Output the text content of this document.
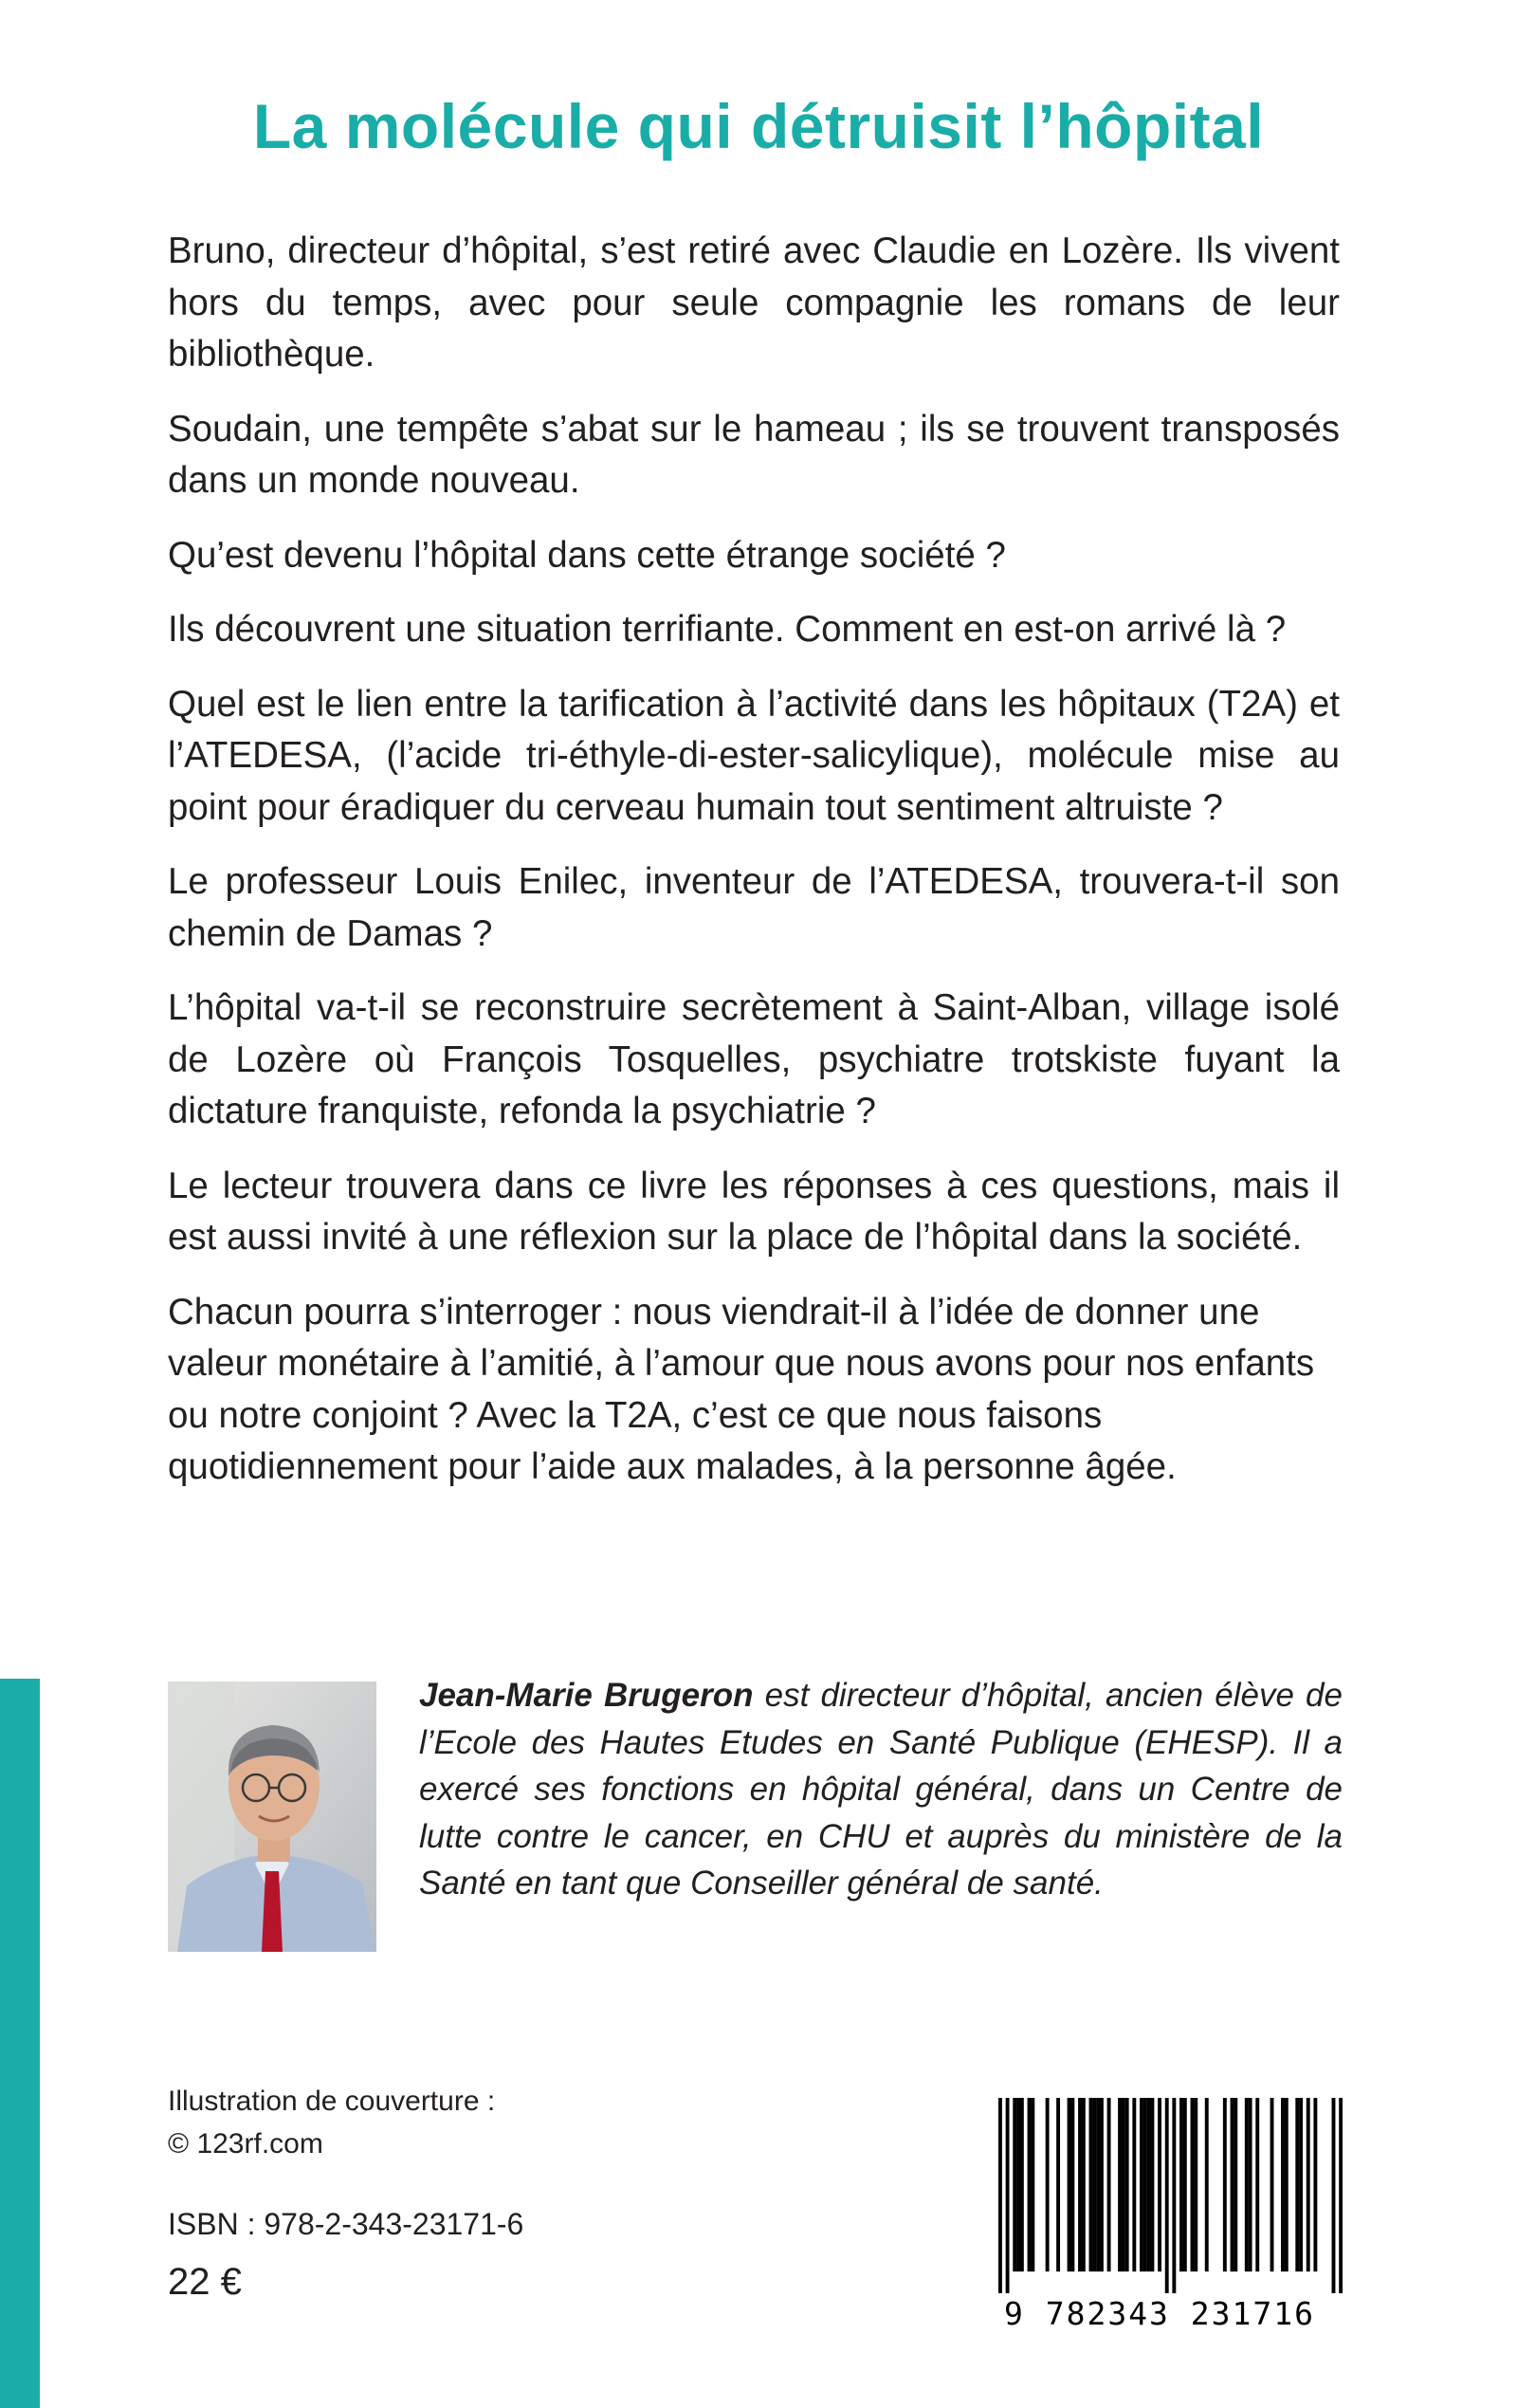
La molécule qui détruisit l’hôpital

Bruno, directeur d’hôpital, s’est retiré avec Claudie en Lozère. Ils vivent hors du temps, avec pour seule compagnie les romans de leur bibliothèque.

Soudain, une tempête s’abat sur le hameau ; ils se trouvent transposés dans un monde nouveau.

Qu’est devenu l’hôpital dans cette étrange société ?

Ils découvrent une situation terrifiante. Comment en est-on arrivé là ?

Quel est le lien entre la tarification à l’activité dans les hôpitaux (T2A) et l’ATEDESA, (l’acide tri-éthyle-di-ester-salicylique), molécule mise au point pour éradiquer du cerveau humain tout sentiment altruiste ?

Le professeur Louis Enilec, inventeur de l’ATEDESA, trouvera-t-il son chemin de Damas ?

L’hôpital va-t-il se reconstruire secrètement à Saint-Alban, village isolé de Lozère où François Tosquelles, psychiatre trotskiste fuyant la dictature franquiste, refonda la psychiatrie ?

Le lecteur trouvera dans ce livre les réponses à ces questions, mais il est aussi invité à une réflexion sur la place de l’hôpital dans la société.

Chacun pourra s’interroger : nous viendrait-il à l’idée de donner une valeur monétaire à l’amitié, à l’amour que nous avons pour nos enfants ou notre conjoint ? Avec la T2A, c’est ce que nous faisons quotidiennement pour l’aide aux malades, à la personne âgée.

Jean-Marie Brugeron est directeur d’hôpital, ancien élève de l’Ecole des Hautes Etudes en Santé Publique (EHESP). Il a exercé ses fonctions en hôpital général, dans un Centre de lutte contre le cancer, en CHU et auprès du ministère de la Santé en tant que Conseiller général de santé.

Illustration de couverture :
© 123rf.com

ISBN : 978-2-343-23171-6

22 €

9 782343 231716
